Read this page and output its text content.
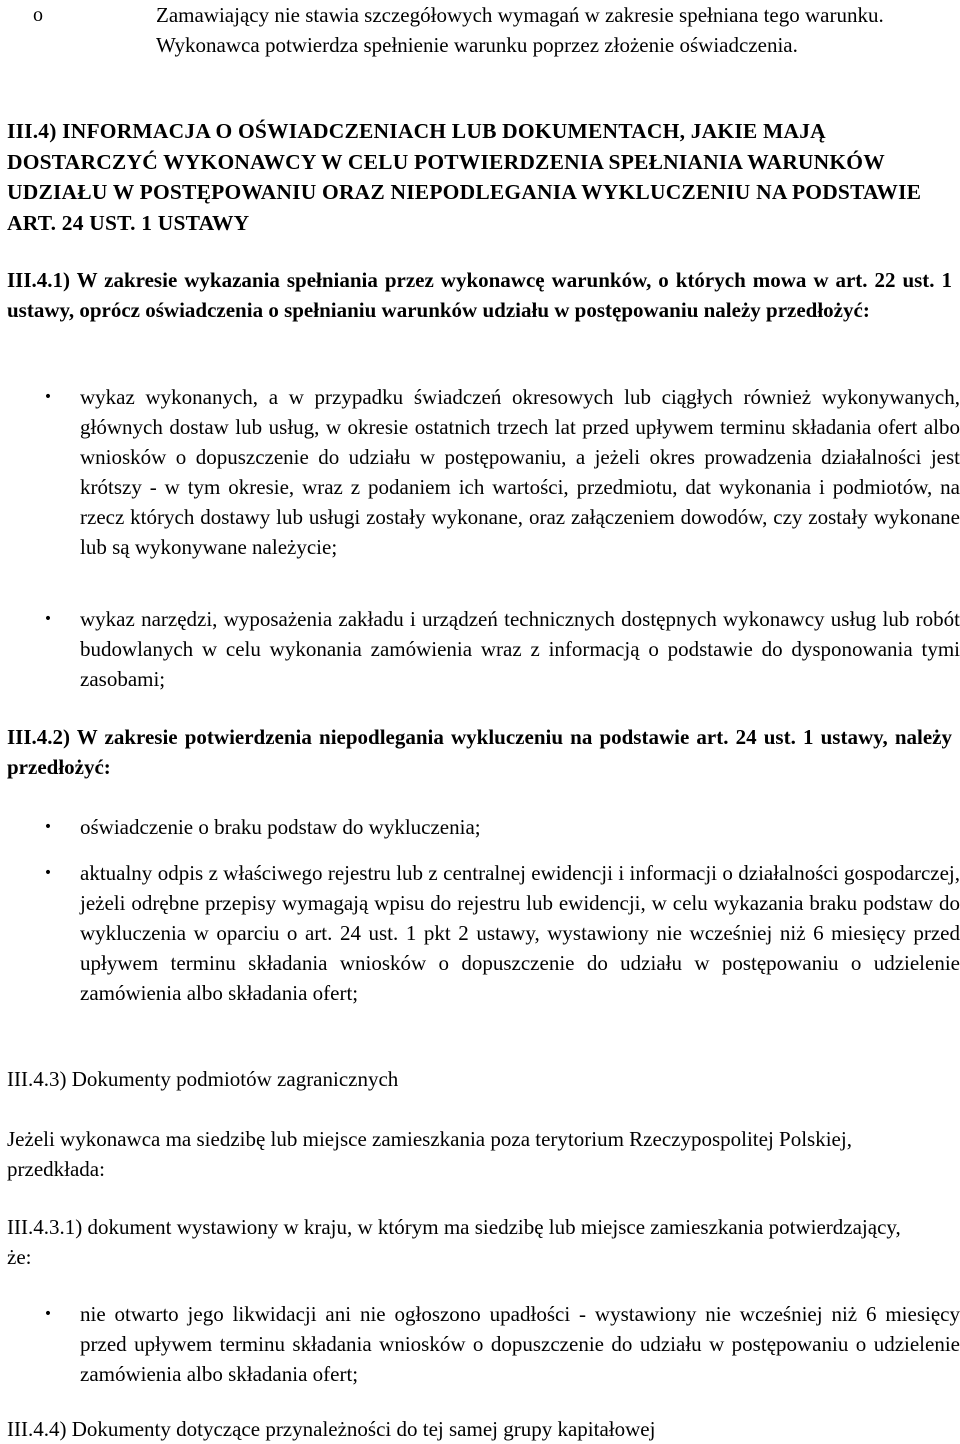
o	Zamawiający nie stawia szczegółowych wymagań w zakresie spełniana tego warunku. Wykonawca potwierdza spełnienie warunku poprzez złożenie oświadczenia.

III.4) INFORMACJA O OŚWIADCZENIACH LUB DOKUMENTACH, JAKIE MAJĄ DOSTARCZYĆ WYKONAWCY W CELU POTWIERDZENIA SPEŁNIANIA WARUNKÓW UDZIAŁU W POSTĘPOWANIU ORAZ NIEPODLEGANIA WYKLUCZENIU NA PODSTAWIE ART. 24 UST. 1 USTAWY

III.4.1) W zakresie wykazania spełniania przez wykonawcę warunków, o których mowa w art. 22 ust. 1 ustawy, oprócz oświadczenia o spełnianiu warunków udziału w postępowaniu należy przedłożyć:

• wykaz wykonanych, a w przypadku świadczeń okresowych lub ciągłych również wykonywanych, głównych dostaw lub usług, w okresie ostatnich trzech lat przed upływem terminu składania ofert albo wniosków o dopuszczenie do udziału w postępowaniu, a jeżeli okres prowadzenia działalności jest krótszy - w tym okresie, wraz z podaniem ich wartości, przedmiotu, dat wykonania i podmiotów, na rzecz których dostawy lub usługi zostały wykonane, oraz załączeniem dowodów, czy zostały wykonane lub są wykonywane należycie;

• wykaz narzędzi, wyposażenia zakładu i urządzeń technicznych dostępnych wykonawcy usług lub robót budowlanych w celu wykonania zamówienia wraz z informacją o podstawie do dysponowania tymi zasobami;

III.4.2) W zakresie potwierdzenia niepodlegania wykluczeniu na podstawie art. 24 ust. 1 ustawy, należy przedłożyć:

• oświadczenie o braku podstaw do wykluczenia;

• aktualny odpis z właściwego rejestru lub z centralnej ewidencji i informacji o działalności gospodarczej, jeżeli odrębne przepisy wymagają wpisu do rejestru lub ewidencji, w celu wykazania braku podstaw do wykluczenia w oparciu o art. 24 ust. 1 pkt 2 ustawy, wystawiony nie wcześniej niż 6 miesięcy przed upływem terminu składania wniosków o dopuszczenie do udziału w postępowaniu o udzielenie zamówienia albo składania ofert;

III.4.3) Dokumenty podmiotów zagranicznych

Jeżeli wykonawca ma siedzibę lub miejsce zamieszkania poza terytorium Rzeczypospolitej Polskiej, przedkłada:

III.4.3.1) dokument wystawiony w kraju, w którym ma siedzibę lub miejsce zamieszkania potwierdzający, że:

• nie otwarto jego likwidacji ani nie ogłoszono upadłości - wystawiony nie wcześniej niż 6 miesięcy przed upływem terminu składania wniosków o dopuszczenie do udziału w postępowaniu o udzielenie zamówienia albo składania ofert;

III.4.4) Dokumenty dotyczące przynależności do tej samej grupy kapitałowej
